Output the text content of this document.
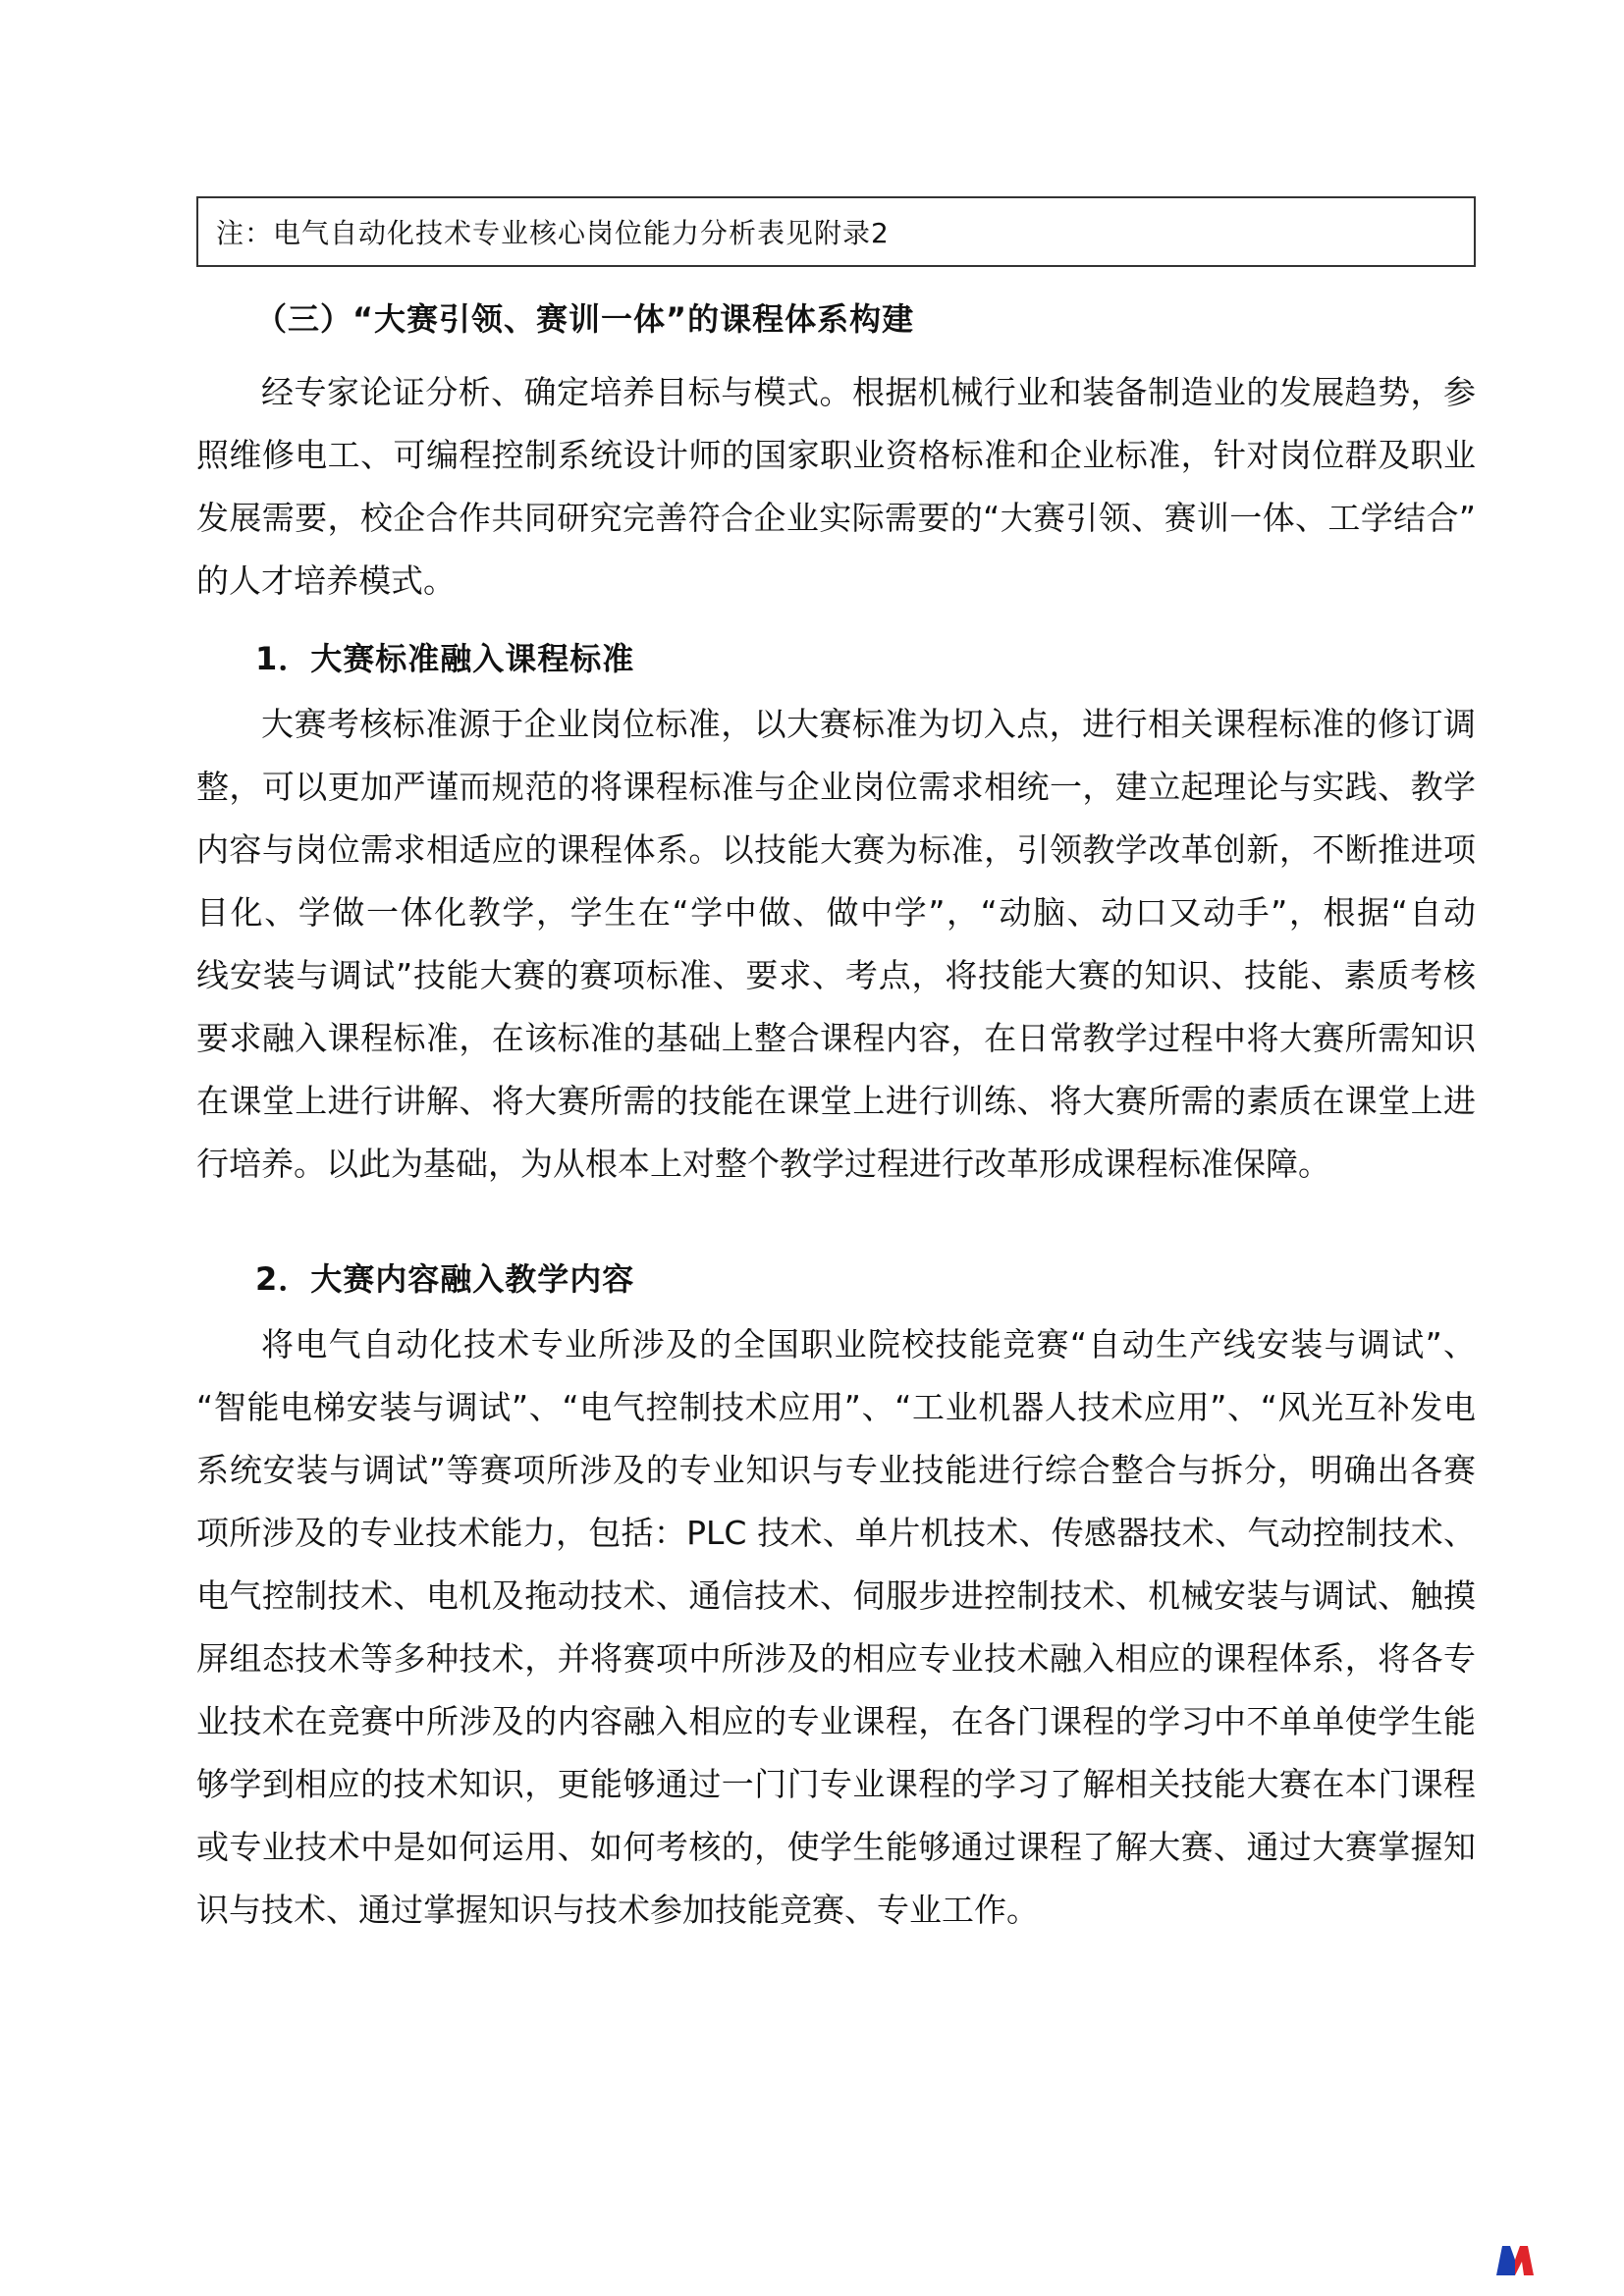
注：电气自动化技术专业核心岗位能力分析表见附录2
（三）“大赛引领、赛训一体”的课程体系构建
经专家论证分析、确定培养目标与模式。根据机械行业和装备制造业的发展趋势，参
照维修电工、可编程控制系统设计师的国家职业资格标准和企业标准，针对岗位群及职业
发展需要，校企合作共同研究完善符合企业实际需要的“大赛引领、赛训一体、工学结合”
的人才培养模式。
1．大赛标准融入课程标准
大赛考核标准源于企业岗位标准，以大赛标准为切入点，进行相关课程标准的修订调
整，可以更加严谨而规范的将课程标准与企业岗位需求相统一，建立起理论与实践、教学
内容与岗位需求相适应的课程体系。以技能大赛为标准，引领教学改革创新，不断推进项
目化、学做一体化教学，学生在“学中做、做中学”，“动脑、动口又动手”，根据“自动
线安装与调试”技能大赛的赛项标准、要求、考点，将技能大赛的知识、技能、素质考核
要求融入课程标准，在该标准的基础上整合课程内容，在日常教学过程中将大赛所需知识
在课堂上进行讲解、将大赛所需的技能在课堂上进行训练、将大赛所需的素质在课堂上进
行培养。以此为基础，为从根本上对整个教学过程进行改革形成课程标准保障。
2．大赛内容融入教学内容
将电气自动化技术专业所涉及的全国职业院校技能竞赛“自动生产线安装与调试”、
“智能电梯安装与调试”、“电气控制技术应用”、“工业机器人技术应用”、“风光互补发电
系统安装与调试”等赛项所涉及的专业知识与专业技能进行综合整合与拆分，明确出各赛
项所涉及的专业技术能力，包括：PLC 技术、单片机技术、传感器技术、气动控制技术、
电气控制技术、电机及拖动技术、通信技术、伺服步进控制技术、机械安装与调试、触摸
屏组态技术等多种技术，并将赛项中所涉及的相应专业技术融入相应的课程体系，将各专
业技术在竞赛中所涉及的内容融入相应的专业课程，在各门课程的学习中不单单使学生能
够学到相应的技术知识，更能够通过一门门专业课程的学习了解相关技能大赛在本门课程
或专业技术中是如何运用、如何考核的，使学生能够通过课程了解大赛、通过大赛掌握知
识与技术、通过掌握知识与技术参加技能竞赛、专业工作。
